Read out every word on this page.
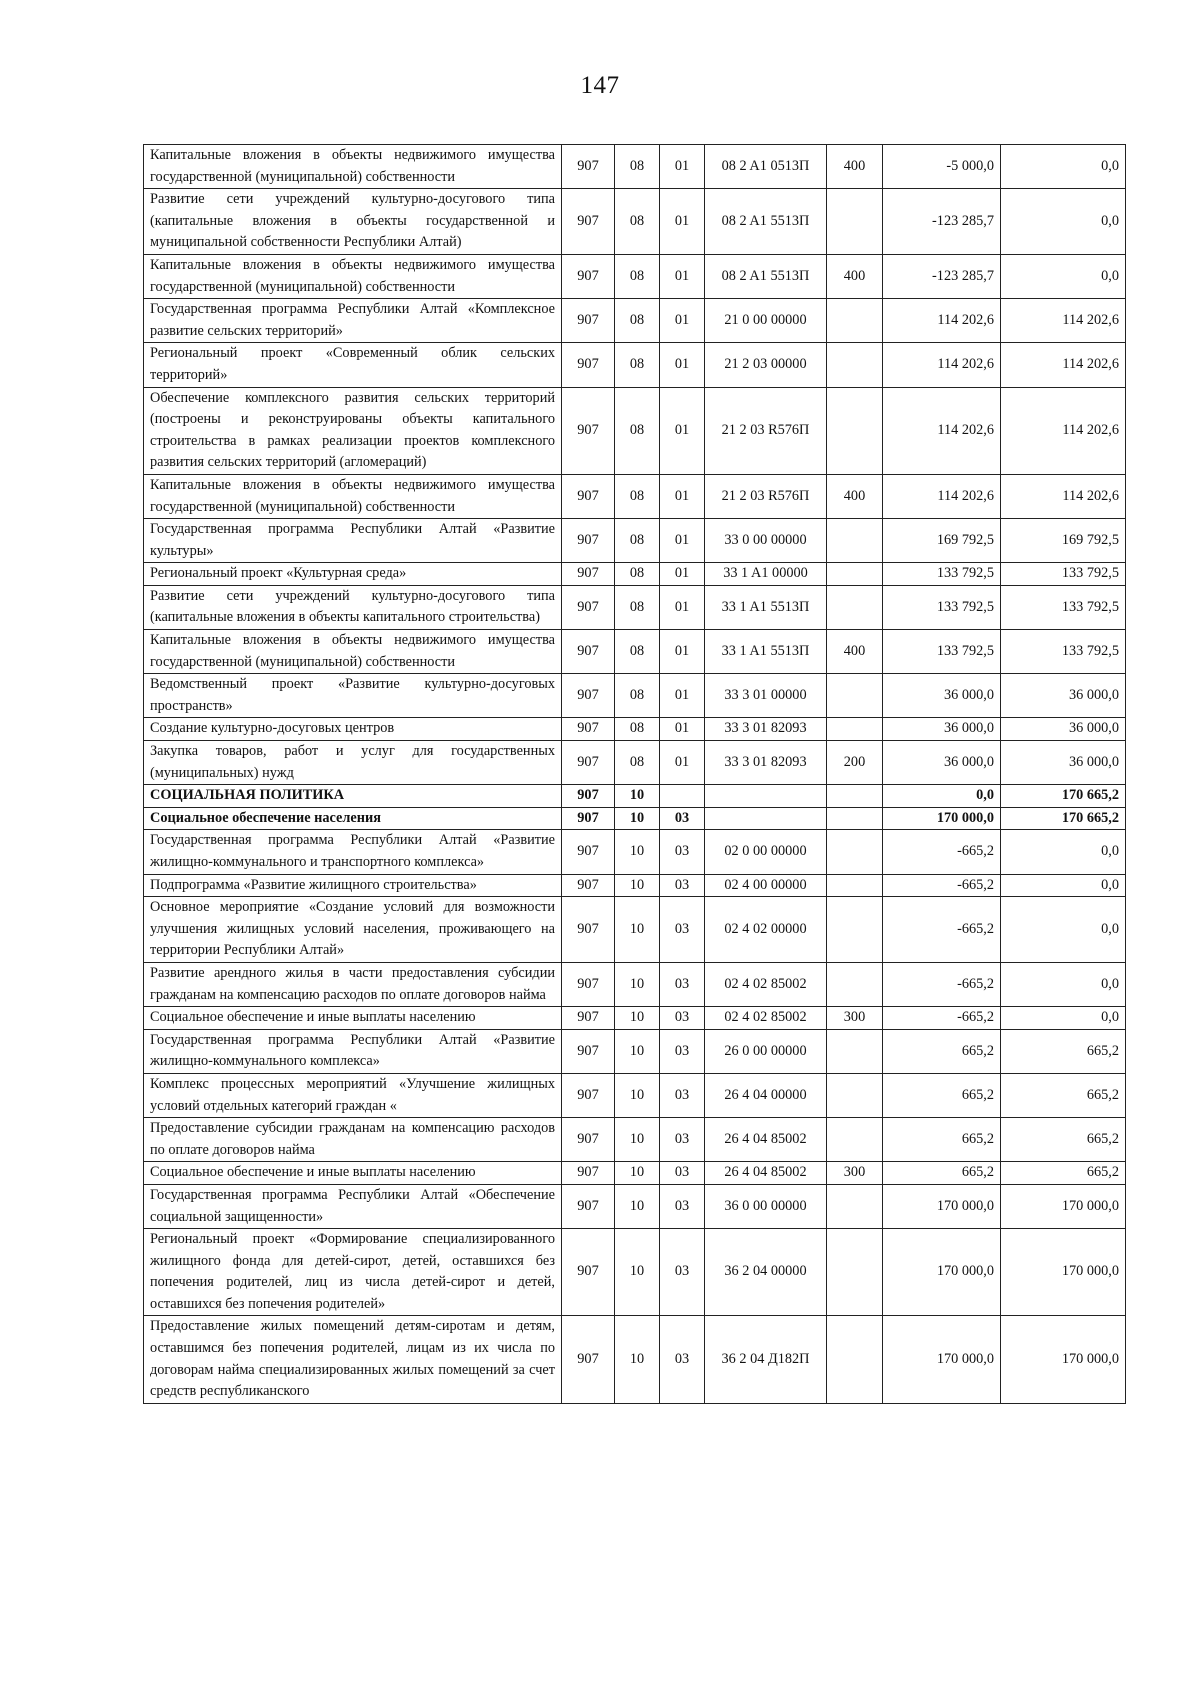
147
Капитальные вложения в объекты недвижимого имущества государственной (муниципальной) собственности	907	08	01	08 2 A1 0513П	400	-5 000,0	0,0
Развитие сети учреждений культурно-досугового типа (капитальные вложения в объекты государственной и муниципальной собственности Республики Алтай)	907	08	01	08 2 A1 5513П		-123 285,7	0,0
Капитальные вложения в объекты недвижимого имущества государственной (муниципальной) собственности	907	08	01	08 2 A1 5513П	400	-123 285,7	0,0
Государственная программа Республики Алтай «Комплексное развитие сельских территорий»	907	08	01	21 0 00 00000		114 202,6	114 202,6
Региональный проект «Современный облик сельских территорий»	907	08	01	21 2 03 00000		114 202,6	114 202,6
Обеспечение комплексного развития сельских территорий (построены и реконструированы объекты капитального строительства в рамках реализации проектов комплексного развития сельских территорий (агломераций)	907	08	01	21 2 03 R576П		114 202,6	114 202,6
Капитальные вложения в объекты недвижимого имущества государственной (муниципальной) собственности	907	08	01	21 2 03 R576П	400	114 202,6	114 202,6
Государственная программа Республики Алтай «Развитие культуры»	907	08	01	33 0 00 00000		169 792,5	169 792,5
Региональный проект «Культурная среда»	907	08	01	33 1 A1 00000		133 792,5	133 792,5
Развитие сети учреждений культурно-досугового типа (капитальные вложения в объекты капитального строительства)	907	08	01	33 1 A1 5513П		133 792,5	133 792,5
Капитальные вложения в объекты недвижимого имущества государственной (муниципальной) собственности	907	08	01	33 1 A1 5513П	400	133 792,5	133 792,5
Ведомственный проект «Развитие культурно-досуговых пространств»	907	08	01	33 3 01 00000		36 000,0	36 000,0
Создание культурно-досуговых центров	907	08	01	33 3 01 82093		36 000,0	36 000,0
Закупка товаров, работ и услуг для государственных (муниципальных) нужд	907	08	01	33 3 01 82093	200	36 000,0	36 000,0
СОЦИАЛЬНАЯ ПОЛИТИКА	907	10				0,0	170 665,2
Социальное обеспечение населения	907	10	03			170 000,0	170 665,2
Государственная программа Республики Алтай «Развитие жилищно-коммунального и транспортного комплекса»	907	10	03	02 0 00 00000		-665,2	0,0
Подпрограмма «Развитие жилищного строительства»	907	10	03	02 4 00 00000		-665,2	0,0
Основное мероприятие «Создание условий для возможности улучшения жилищных условий населения, проживающего на территории Республики Алтай»	907	10	03	02 4 02 00000		-665,2	0,0
Развитие арендного жилья в части предоставления субсидии гражданам на компенсацию расходов по оплате договоров найма	907	10	03	02 4 02 85002		-665,2	0,0
Социальное обеспечение и иные выплаты населению	907	10	03	02 4 02 85002	300	-665,2	0,0
Государственная программа Республики Алтай «Развитие жилищно-коммунального комплекса»	907	10	03	26 0 00 00000		665,2	665,2
Комплекс процессных мероприятий «Улучшение жилищных условий отдельных категорий граждан «	907	10	03	26 4 04 00000		665,2	665,2
Предоставление субсидии гражданам на компенсацию расходов по оплате договоров найма	907	10	03	26 4 04 85002		665,2	665,2
Социальное обеспечение и иные выплаты населению	907	10	03	26 4 04 85002	300	665,2	665,2
Государственная программа Республики Алтай «Обеспечение социальной защищенности»	907	10	03	36 0 00 00000		170 000,0	170 000,0
Региональный проект «Формирование специализированного жилищного фонда для детей-сирот, детей, оставшихся без попечения родителей, лиц из числа детей-сирот и детей, оставшихся без попечения родителей»	907	10	03	36 2 04 00000		170 000,0	170 000,0
Предоставление жилых помещений детям-сиротам и детям, оставшимся без попечения родителей, лицам из их числа по договорам найма специализированных жилых помещений за счет средств республиканского	907	10	03	36 2 04 Д182П		170 000,0	170 000,0
